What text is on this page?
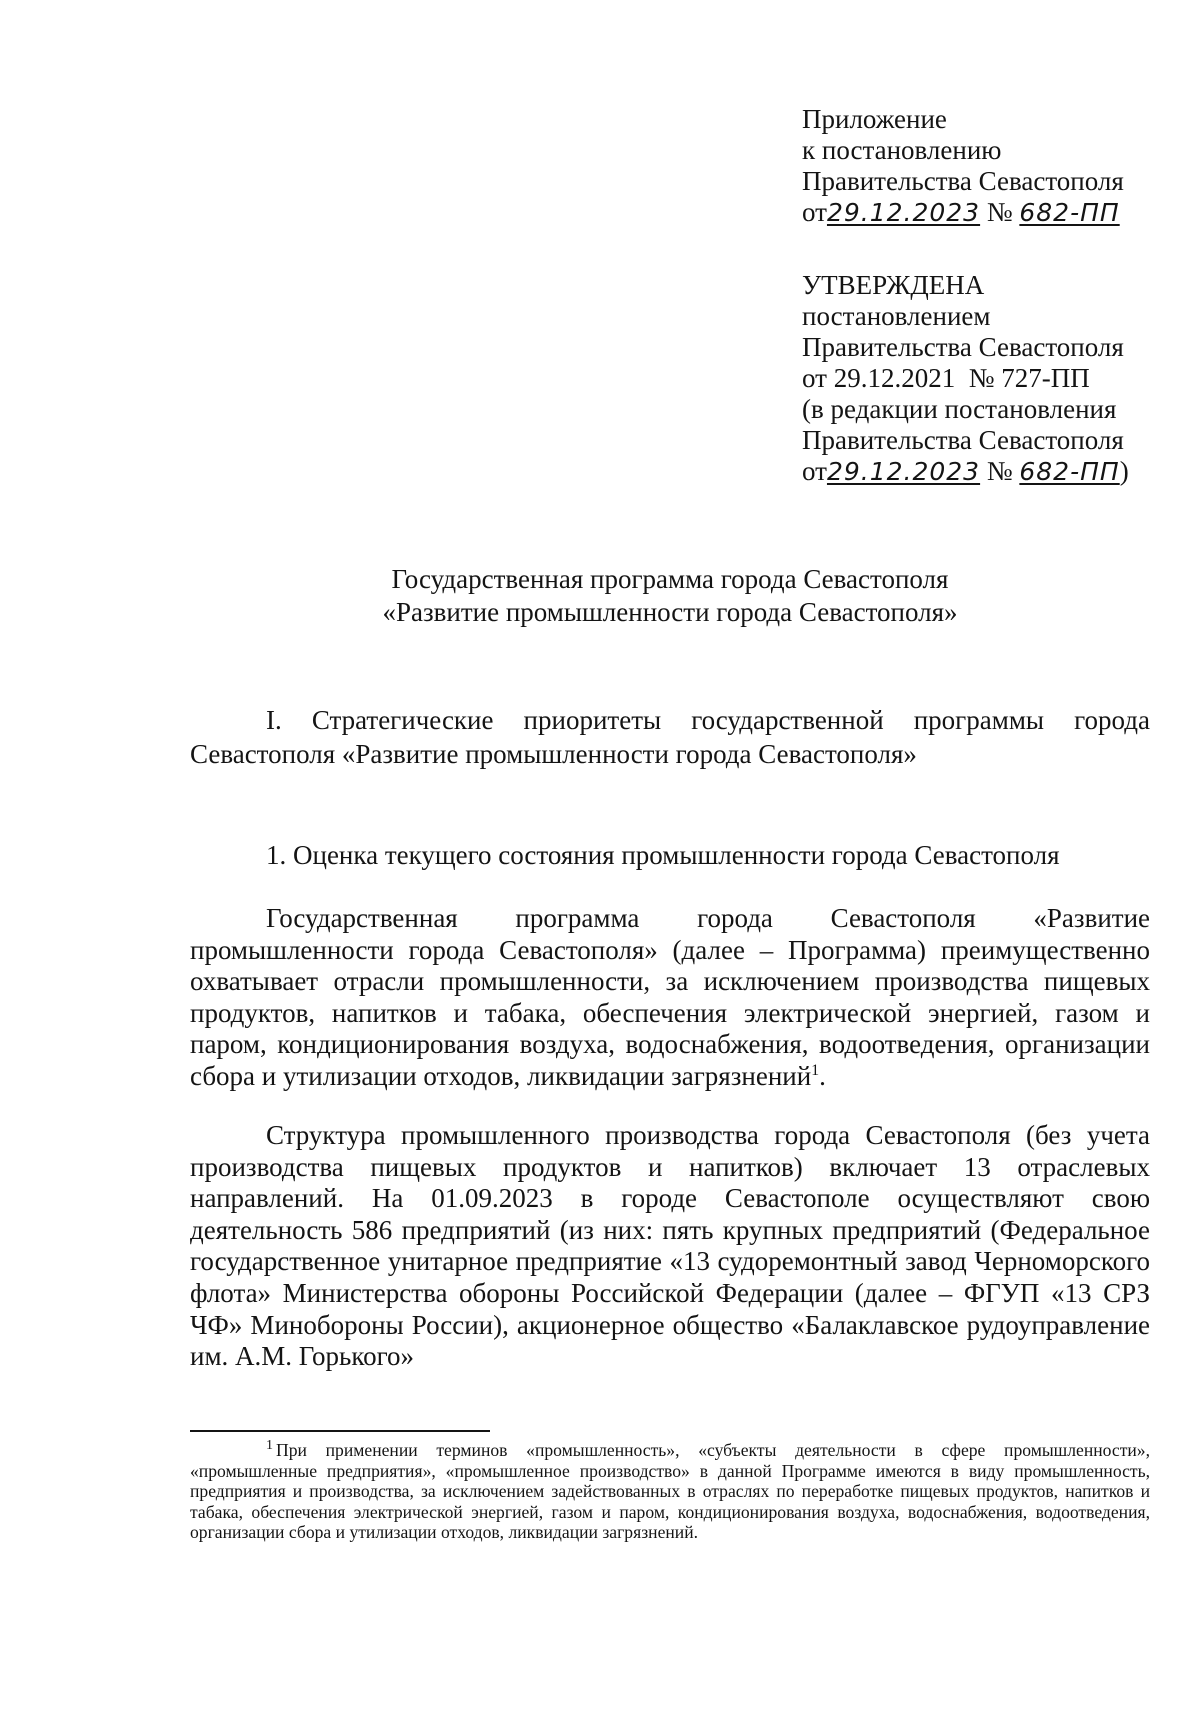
Приложение
к постановлению
Правительства Севастополя
от29.12.2023 № 682-ПП
УТВЕРЖДЕНА
постановлением
Правительства Севастополя
от 29.12.2021  № 727-ПП
(в редакции постановления
Правительства Севастополя
от29.12.2023 № 682-ПП)
Государственная программа города Севастополя
«Развитие промышленности города Севастополя»
I. Стратегические приоритеты государственной программы города
Севастополя «Развитие промышленности города Севастополя»
1. Оценка текущего состояния промышленности города Севастополя

Государственная программа города Севастополя «Развитие промышленности города Севастополя» (далее – Программа) преимущественно охватывает отрасли промышленности, за исключением производства пищевых продуктов, напитков и табака, обеспечения электрической энергией, газом и паром, кондиционирования воздуха, водоснабжения, водоотведения, организации сбора и утилизации отходов, ликвидации загрязнений$^1$.

Структура промышленного производства города Севастополя (без учета производства пищевых продуктов и напитков) включает 13 отраслевых направлений. На 01.09.2023 в городе Севастополе осуществляют свою деятельность 586 предприятий (из них: пять крупных предприятий (Федеральное государственное унитарное предприятие «13 судоремонтный завод Черноморского флота» Министерства обороны Российской Федерации (далее – ФГУП «13 СРЗ ЧФ» Минобороны России), акционерное общество «Балаклавское рудоуправление им. А.М. Горького»

$^1$ При применении терминов «промышленность», «субъекты деятельности в сфере промышленности», «промышленные предприятия», «промышленное производство» в данной Программе имеются в виду промышленность, предприятия и производства, за исключением задействованных в отраслях по переработке пищевых продуктов, напитков и табака, обеспечения электрической энергией, газом и паром, кондиционирования воздуха, водоснабжения, водоотведения, организации сбора и утилизации отходов, ликвидации загрязнений.
